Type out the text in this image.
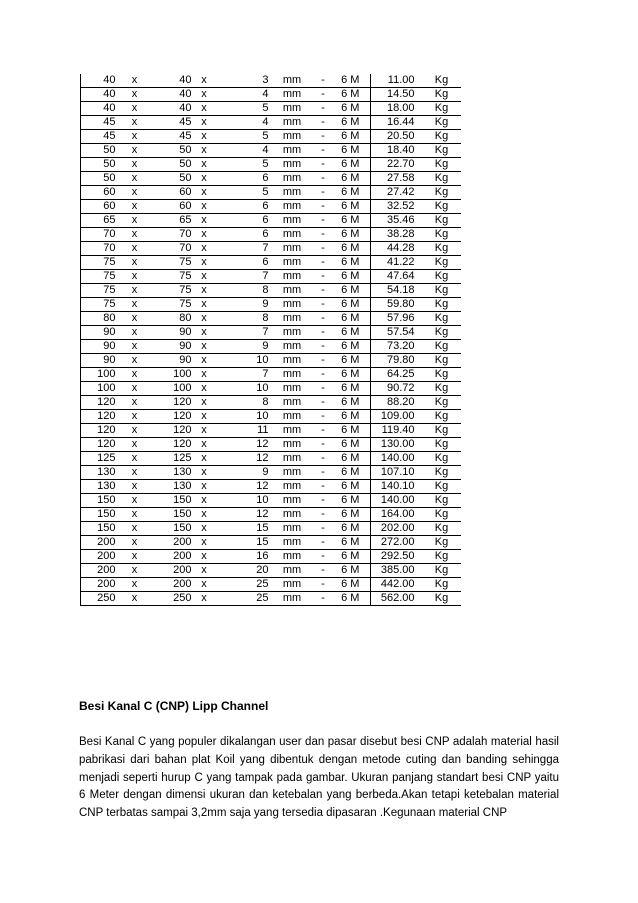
40	x	40	x	3	mm	-	6 M	11.00	Kg
40	x	40	x	4	mm	-	6 M	14.50	Kg
40	x	40	x	5	mm	-	6 M	18.00	Kg
45	x	45	x	4	mm	-	6 M	16.44	Kg
45	x	45	x	5	mm	-	6 M	20.50	Kg
50	x	50	x	4	mm	-	6 M	18.40	Kg
50	x	50	x	5	mm	-	6 M	22.70	Kg
50	x	50	x	6	mm	-	6 M	27.58	Kg
60	x	60	x	5	mm	-	6 M	27.42	Kg
60	x	60	x	6	mm	-	6 M	32.52	Kg
65	x	65	x	6	mm	-	6 M	35.46	Kg
70	x	70	x	6	mm	-	6 M	38.28	Kg
70	x	70	x	7	mm	-	6 M	44.28	Kg
75	x	75	x	6	mm	-	6 M	41.22	Kg
75	x	75	x	7	mm	-	6 M	47.64	Kg
75	x	75	x	8	mm	-	6 M	54.18	Kg
75	x	75	x	9	mm	-	6 M	59.80	Kg
80	x	80	x	8	mm	-	6 M	57.96	Kg
90	x	90	x	7	mm	-	6 M	57.54	Kg
90	x	90	x	9	mm	-	6 M	73.20	Kg
90	x	90	x	10	mm	-	6 M	79.80	Kg
100	x	100	x	7	mm	-	6 M	64.25	Kg
100	x	100	x	10	mm	-	6 M	90.72	Kg
120	x	120	x	8	mm	-	6 M	88.20	Kg
120	x	120	x	10	mm	-	6 M	109.00	Kg
120	x	120	x	11	mm	-	6 M	119.40	Kg
120	x	120	x	12	mm	-	6 M	130.00	Kg
125	x	125	x	12	mm	-	6 M	140.00	Kg
130	x	130	x	9	mm	-	6 M	107.10	Kg
130	x	130	x	12	mm	-	6 M	140.10	Kg
150	x	150	x	10	mm	-	6 M	140.00	Kg
150	x	150	x	12	mm	-	6 M	164.00	Kg
150	x	150	x	15	mm	-	6 M	202.00	Kg
200	x	200	x	15	mm	-	6 M	272.00	Kg
200	x	200	x	16	mm	-	6 M	292.50	Kg
200	x	200	x	20	mm	-	6 M	385.00	Kg
200	x	200	x	25	mm	-	6 M	442.00	Kg
250	x	250	x	25	mm	-	6 M	562.00	Kg

Besi Kanal C (CNP) Lipp Channel

Besi Kanal C yang populer dikalangan user dan pasar disebut besi CNP adalah material hasil pabrikasi dari bahan plat Koil yang dibentuk dengan metode cuting dan banding sehingga menjadi seperti hurup C yang tampak pada gambar. Ukuran panjang standart besi CNP yaitu 6 Meter dengan dimensi ukuran dan ketebalan yang berbeda.Akan tetapi ketebalan material CNP terbatas sampai 3,2mm saja yang tersedia dipasaran .Kegunaan material CNP
